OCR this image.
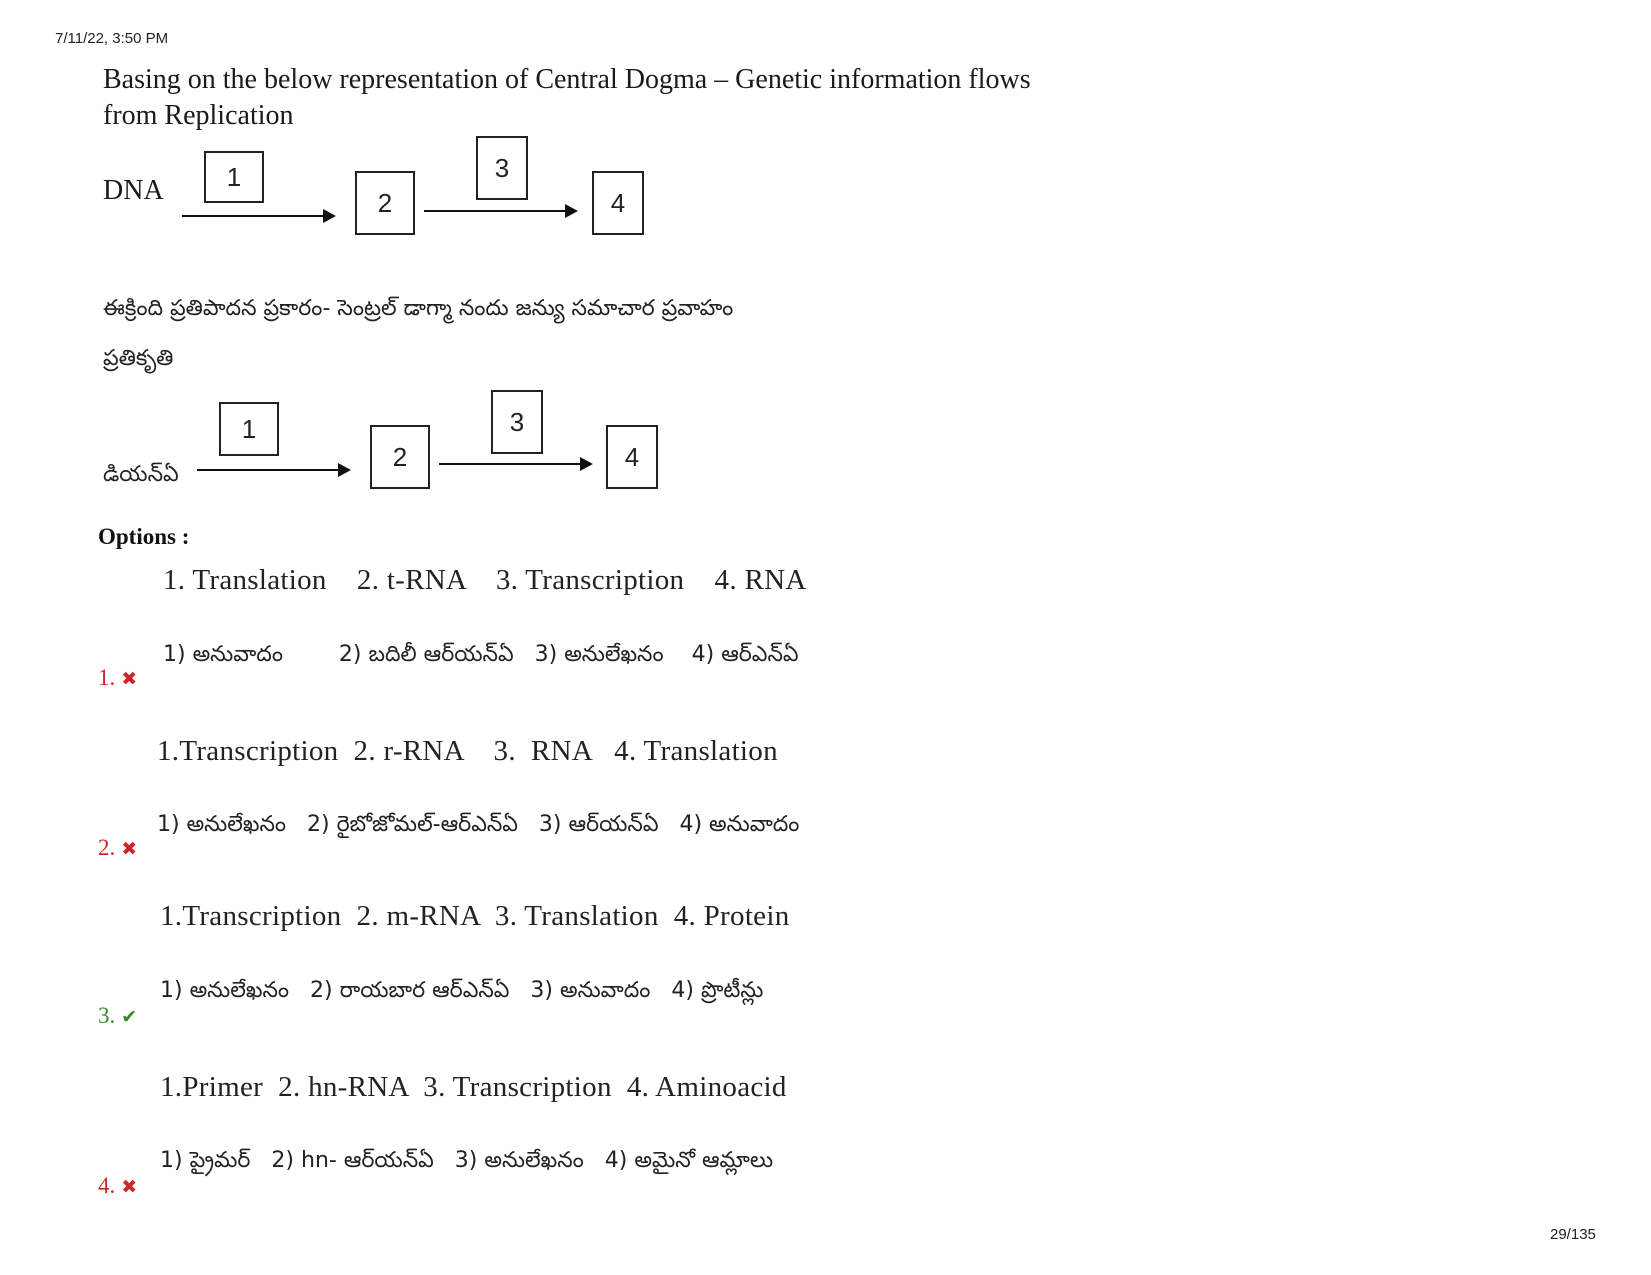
7/11/22, 3:50 PM
29/135
Basing on the below representation of Central Dogma – Genetic information flows
from Replication
DNA	1
2
3
4
ఈక్రింది ప్రతిపాదన ప్రకారం- సెంట్రల్ డాగ్మా నందు జన్యు సమాచార ప్రవాహం
ప్రతికృతి
డియన్ఏ
1
2
3
4
Options :
1. Translation    2. t-RNA    3. Transcription    4. RNA
1) అనువాదం        2) బదిలీ ఆర్‌యన్‌ఏ   3) అనులేఖనం    4) ఆర్ఎన్ఏ
1. ✖
1.Transcription  2. r-RNA    3.  RNA   4. Translation
1) అనులేఖనం   2) రైబోజోమల్-ఆర్ఎన్ఏ   3) ఆర్‌యన్ఏ   4) అనువాదం
2. ✖
1.Transcription  2. m-RNA  3. Translation  4. Protein
1) అనులేఖనం   2) రాయబార ఆర్ఎన్ఏ   3) అనువాదం   4) ప్రొటీన్లు
3. ✔
1.Primer  2. hn-RNA  3. Transcription  4. Aminoacid
1) ప్రైమర్   2) hn- ఆర్‌యన్ఏ   3) అనులేఖనం   4) అమైనో ఆమ్లాలు
4. ✖
